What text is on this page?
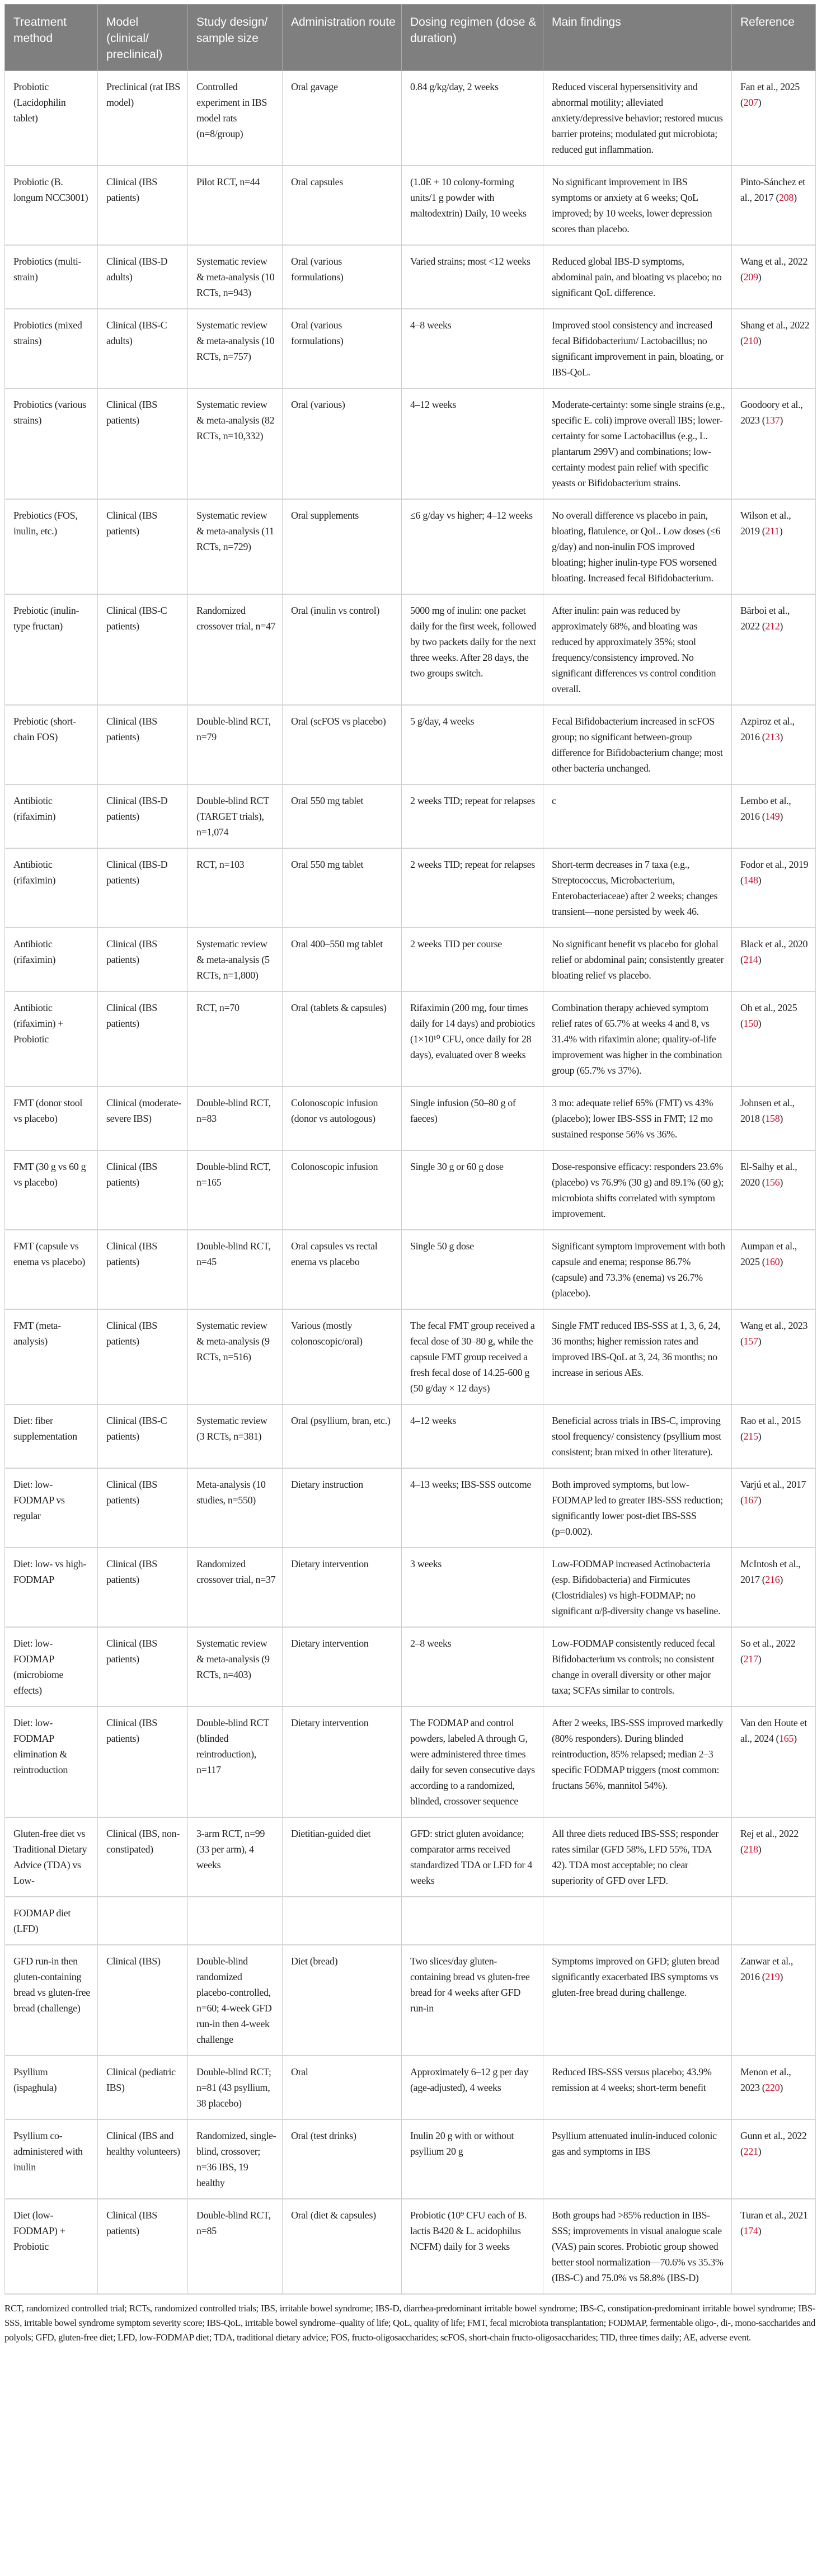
Treatment method	Model (clinical/ preclinical)	Study design/ sample size	Administration route	Dosing regimen (dose & duration)	Main findings	Reference
Probiotic (Lacidophilin tablet)	Preclinical (rat IBS model)	Controlled experiment in IBS model rats (n=8/group)	Oral gavage	0.84 g/kg/day, 2 weeks	Reduced visceral hypersensitivity and abnormal motility; alleviated anxiety/depressive behavior; restored mucus barrier proteins; modulated gut microbiota; reduced gut inflammation.	Fan et al., 2025 (207)
Probiotic (B. longum NCC3001)	Clinical (IBS patients)	Pilot RCT, n=44	Oral capsules	(1.0E + 10 colony-forming units/1 g powder with maltodextrin) Daily, 10 weeks	No significant improvement in IBS symptoms or anxiety at 6 weeks; QoL improved; by 10 weeks, lower depression scores than placebo.	Pinto-Sánchez et al., 2017 (208)
Probiotics (multi-strain)	Clinical (IBS-D adults)	Systematic review & meta-analysis (10 RCTs, n=943)	Oral (various formulations)	Varied strains; most <12 weeks	Reduced global IBS-D symptoms, abdominal pain, and bloating vs placebo; no significant QoL difference.	Wang et al., 2022 (209)
Probiotics (mixed strains)	Clinical (IBS-C adults)	Systematic review & meta-analysis (10 RCTs, n=757)	Oral (various formulations)	4–8 weeks	Improved stool consistency and increased fecal Bifidobacterium/ Lactobacillus; no significant improvement in pain, bloating, or IBS-QoL.	Shang et al., 2022 (210)
Probiotics (various strains)	Clinical (IBS patients)	Systematic review & meta-analysis (82 RCTs, n=10,332)	Oral (various)	4–12 weeks	Moderate-certainty: some single strains (e.g., specific E. coli) improve overall IBS; lower-certainty for some Lactobacillus (e.g., L. plantarum 299V) and combinations; low-certainty modest pain relief with specific yeasts or Bifidobacterium strains.	Goodoory et al., 2023 (137)
Prebiotics (FOS, inulin, etc.)	Clinical (IBS patients)	Systematic review & meta-analysis (11 RCTs, n=729)	Oral supplements	≤6 g/day vs higher; 4–12 weeks	No overall difference vs placebo in pain, bloating, flatulence, or QoL. Low doses (≤6 g/day) and non-inulin FOS improved bloating; higher inulin-type FOS worsened bloating. Increased fecal Bifidobacterium.	Wilson et al., 2019 (211)
Prebiotic (inulin-type fructan)	Clinical (IBS-C patients)	Randomized crossover trial, n=47	Oral (inulin vs control)	5000 mg of inulin: one packet daily for the first week, followed by two packets daily for the next three weeks. After 28 days, the two groups switch.	After inulin: pain was reduced by approximately 68%, and bloating was reduced by approximately 35%; stool frequency/consistency improved. No significant differences vs control condition overall.	Bărboi et al., 2022 (212)
Prebiotic (short-chain FOS)	Clinical (IBS patients)	Double-blind RCT, n=79	Oral (scFOS vs placebo)	5 g/day, 4 weeks	Fecal Bifidobacterium increased in scFOS group; no significant between-group difference for Bifidobacterium change; most other bacteria unchanged.	Azpiroz et al., 2016 (213)
Antibiotic (rifaximin)	Clinical (IBS-D patients)	Double-blind RCT (TARGET trials), n=1,074	Oral 550 mg tablet	2 weeks TID; repeat for relapses	c	Lembo et al., 2016 (149)
Antibiotic (rifaximin)	Clinical (IBS-D patients)	RCT, n=103	Oral 550 mg tablet	2 weeks TID; repeat for relapses	Short-term decreases in 7 taxa (e.g., Streptococcus, Microbacterium, Enterobacteriaceae) after 2 weeks; changes transient—none persisted by week 46.	Fodor et al., 2019 (148)
Antibiotic (rifaximin)	Clinical (IBS patients)	Systematic review & meta-analysis (5 RCTs, n=1,800)	Oral 400–550 mg tablet	2 weeks TID per course	No significant benefit vs placebo for global relief or abdominal pain; consistently greater bloating relief vs placebo.	Black et al., 2020 (214)
Antibiotic (rifaximin) + Probiotic	Clinical (IBS patients)	RCT, n=70	Oral (tablets & capsules)	Rifaximin (200 mg, four times daily for 14 days) and probiotics (1×10¹⁰ CFU, once daily for 28 days), evaluated over 8 weeks	Combination therapy achieved symptom relief rates of 65.7% at weeks 4 and 8, vs 31.4% with rifaximin alone; quality-of-life improvement was higher in the combination group (65.7% vs 37%).	Oh et al., 2025 (150)
FMT (donor stool vs placebo)	Clinical (moderate-severe IBS)	Double-blind RCT, n=83	Colonoscopic infusion (donor vs autologous)	Single infusion (50–80 g of faeces)	3 mo: adequate relief 65% (FMT) vs 43% (placebo); lower IBS-SSS in FMT; 12 mo sustained response 56% vs 36%.	Johnsen et al., 2018 (158)
FMT (30 g vs 60 g vs placebo)	Clinical (IBS patients)	Double-blind RCT, n=165	Colonoscopic infusion	Single 30 g or 60 g dose	Dose-responsive efficacy: responders 23.6% (placebo) vs 76.9% (30 g) and 89.1% (60 g); microbiota shifts correlated with symptom improvement.	El-Salhy et al., 2020 (156)
FMT (capsule vs enema vs placebo)	Clinical (IBS patients)	Double-blind RCT, n=45	Oral capsules vs rectal enema vs placebo	Single 50 g dose	Significant symptom improvement with both capsule and enema; response 86.7% (capsule) and 73.3% (enema) vs 26.7% (placebo).	Aumpan et al., 2025 (160)
FMT (meta-analysis)	Clinical (IBS patients)	Systematic review & meta-analysis (9 RCTs, n=516)	Various (mostly colonoscopic/oral)	The fecal FMT group received a fecal dose of 30–80 g, while the capsule FMT group received a fresh fecal dose of 14.25-600 g (50 g/day × 12 days)	Single FMT reduced IBS-SSS at 1, 3, 6, 24, 36 months; higher remission rates and improved IBS-QoL at 3, 24, 36 months; no increase in serious AEs.	Wang et al., 2023 (157)
Diet: fiber supplementation	Clinical (IBS-C patients)	Systematic review (3 RCTs, n=381)	Oral (psyllium, bran, etc.)	4–12 weeks	Beneficial across trials in IBS-C, improving stool frequency/ consistency (psyllium most consistent; bran mixed in other literature).	Rao et al., 2015 (215)
Diet: low-FODMAP vs regular	Clinical (IBS patients)	Meta-analysis (10 studies, n=550)	Dietary instruction	4–13 weeks; IBS-SSS outcome	Both improved symptoms, but low-FODMAP led to greater IBS-SSS reduction; significantly lower post-diet IBS-SSS (p=0.002).	Varjú et al., 2017 (167)
Diet: low- vs high-FODMAP	Clinical (IBS patients)	Randomized crossover trial, n=37	Dietary intervention	3 weeks	Low-FODMAP increased Actinobacteria (esp. Bifidobacteria) and Firmicutes (Clostridiales) vs high-FODMAP; no significant α/β-diversity change vs baseline.	McIntosh et al., 2017 (216)
Diet: low-FODMAP (microbiome effects)	Clinical (IBS patients)	Systematic review & meta-analysis (9 RCTs, n=403)	Dietary intervention	2–8 weeks	Low-FODMAP consistently reduced fecal Bifidobacterium vs controls; no consistent change in overall diversity or other major taxa; SCFAs similar to controls.	So et al., 2022 (217)
Diet: low-FODMAP elimination & reintroduction	Clinical (IBS patients)	Double-blind RCT (blinded reintroduction), n=117	Dietary intervention	The FODMAP and control powders, labeled A through G, were administered three times daily for seven consecutive days according to a randomized, blinded, crossover sequence	After 2 weeks, IBS-SSS improved markedly (80% responders). During blinded reintroduction, 85% relapsed; median 2–3 specific FODMAP triggers (most common: fructans 56%, mannitol 54%).	Van den Houte et al., 2024 (165)
Gluten-free diet vs Traditional Dietary Advice (TDA) vs Low-	Clinical (IBS, non-constipated)	3-arm RCT, n=99 (33 per arm), 4 weeks	Dietitian-guided diet	GFD: strict gluten avoidance; comparator arms received standardized TDA or LFD for 4 weeks	All three diets reduced IBS-SSS; responder rates similar (GFD 58%, LFD 55%, TDA 42). TDA most acceptable; no clear superiority of GFD over LFD.	Rej et al., 2022 (218)
FODMAP diet (LFD)						
GFD run-in then gluten-containing bread vs gluten-free bread (challenge)	Clinical (IBS)	Double-blind randomized placebo-controlled, n=60; 4-week GFD run-in then 4-week challenge	Diet (bread)	Two slices/day gluten-containing bread vs gluten-free bread for 4 weeks after GFD run-in	Symptoms improved on GFD; gluten bread significantly exacerbated IBS symptoms vs gluten-free bread during challenge.	Zanwar et al., 2016 (219)
Psyllium (ispaghula)	Clinical (pediatric IBS)	Double-blind RCT; n=81 (43 psyllium, 38 placebo)	Oral	Approximately 6–12 g per day (age-adjusted), 4 weeks	Reduced IBS-SSS versus placebo; 43.9% remission at 4 weeks; short-term benefit	Menon et al., 2023 (220)
Psyllium co-administered with inulin	Clinical (IBS and healthy volunteers)	Randomized, single-blind, crossover; n=36 IBS, 19 healthy	Oral (test drinks)	Inulin 20 g with or without psyllium 20 g	Psyllium attenuated inulin-induced colonic gas and symptoms in IBS	Gunn et al., 2022 (221)
Diet (low-FODMAP) + Probiotic	Clinical (IBS patients)	Double-blind RCT, n=85	Oral (diet & capsules)	Probiotic (10⁹ CFU each of B. lactis B420 & L. acidophilus NCFM) daily for 3 weeks	Both groups had >85% reduction in IBS-SSS; improvements in visual analogue scale (VAS) pain scores. Probiotic group showed better stool normalization—70.6% vs 35.3% (IBS-C) and 75.0% vs 58.8% (IBS-D)	Turan et al., 2021 (174)

RCT, randomized controlled trial; RCTs, randomized controlled trials; IBS, irritable bowel syndrome; IBS-D, diarrhea-predominant irritable bowel syndrome; IBS-C, constipation-predominant irritable bowel syndrome; IBS-SSS, irritable bowel syndrome symptom severity score; IBS-QoL, irritable bowel syndrome–quality of life; QoL, quality of life; FMT, fecal microbiota transplantation; FODMAP, fermentable oligo-, di-, mono-saccharides and polyols; GFD, gluten-free diet; LFD, low-FODMAP diet; TDA, traditional dietary advice; FOS, fructo-oligosaccharides; scFOS, short-chain fructo-oligosaccharides; TID, three times daily; AE, adverse event.
